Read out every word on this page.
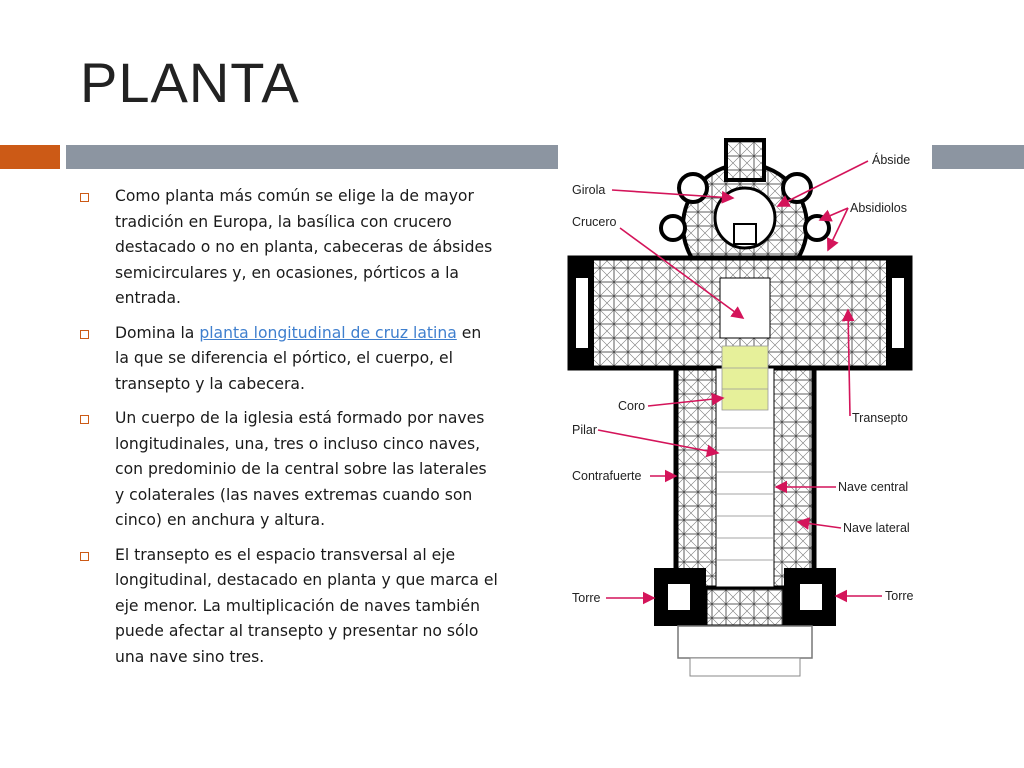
PLANTA
Como planta más común se elige la de mayor tradición en Europa, la basílica con crucero destacado o no en planta, cabeceras de ábsides semicirculares y, en ocasiones, pórticos a la entrada.
Domina la planta longitudinal de cruz latina en la que se diferencia el pórtico, el cuerpo, el transepto y la cabecera.
Un cuerpo de la iglesia está formado por naves longitudinales, una, tres o incluso cinco naves, con predominio de la central sobre las laterales y colaterales (las naves extremas cuando son cinco) en anchura y altura.
El transepto es el espacio transversal al eje longitudinal, destacado en planta y que marca el eje menor. La multiplicación de naves también puede afectar al transepto y presentar no sólo una nave sino tres.
Ábside
Girola
Absidiolos
Crucero
Coro
Transepto
Pilar
Contrafuerte
Nave central
Nave lateral
Torre	Torre
